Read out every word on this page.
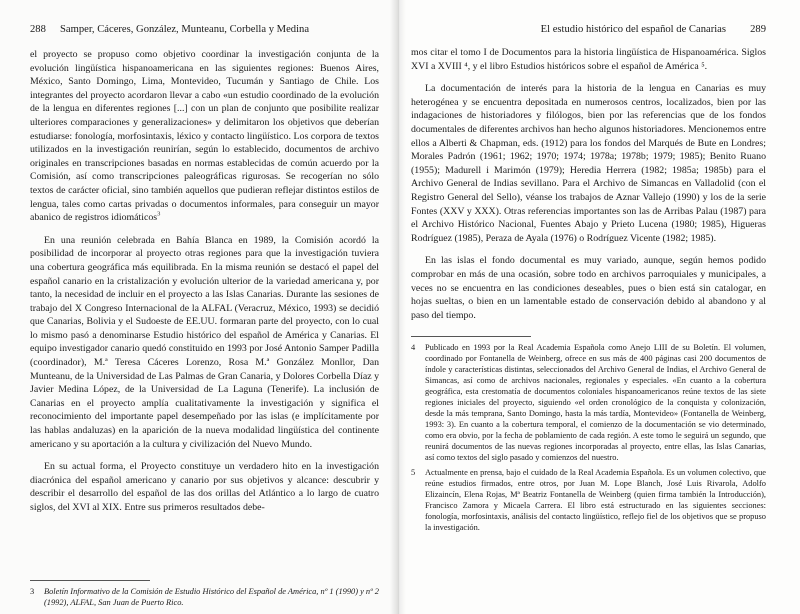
288 Samper, Cáceres, González, Munteanu, Corbella y Medina

el proyecto se propuso como objetivo coordinar la investigación conjunta de la evolución lingüística hispanoamericana en las siguientes regiones: Buenos Aires, México, Santo Domingo, Lima, Montevideo, Tucumán y Santiago de Chile. Los integrantes del proyecto acordaron llevar a cabo «un estudio coordinado de la evolución de la lengua en diferentes regiones [...] con un plan de conjunto que posibilite realizar ulteriores comparaciones y generalizaciones» y delimitaron los objetivos que deberían estudiarse: fonología, morfosintaxis, léxico y contacto lingüístico. Los corpora de textos utilizados en la investigación reunirían, según lo establecido, documentos de archivo originales en transcripciones basadas en normas establecidas de común acuerdo por la Comisión, así como transcripciones paleográficas rigurosas. Se recogerían no sólo textos de carácter oficial, sino también aquellos que pudieran reflejar distintos estilos de lengua, tales como cartas privadas o documentos informales, para conseguir un mayor abanico de registros idiomáticos$^3$

En una reunión celebrada en Bahía Blanca en 1989, la Comisión acordó la posibilidad de incorporar al proyecto otras regiones para que la investigación tuviera una cobertura geográfica más equilibrada. En la misma reunión se destacó el papel del español canario en la cristalización y evolución ulterior de la variedad americana y, por tanto, la necesidad de incluir en el proyecto a las Islas Canarias. Durante las sesiones de trabajo del X Congreso Internacional de la ALFAL (Veracruz, México, 1993) se decidió que Canarias, Bolivia y el Sudoeste de EE.UU. formaran parte del proyecto, con lo cual lo mismo pasó a denominarse Estudio histórico del español de América y Canarias. El equipo investigador canario quedó constituido en 1993 por José Antonio Samper Padilla (coordinador), M.ª Teresa Cáceres Lorenzo, Rosa M.ª González Monllor, Dan Munteanu, de la Universidad de Las Palmas de Gran Canaria, y Dolores Corbella Díaz y Javier Medina López, de la Universidad de La Laguna (Tenerife). La inclusión de Canarias en el proyecto amplía cualitativamente la investigación y significa el reconocimiento del importante papel desempeñado por las islas (e implícitamente por las hablas andaluzas) en la aparición de la nueva modalidad lingüística del continente americano y su aportación a la cultura y civilización del Nuevo Mundo.

En su actual forma, el Proyecto constituye un verdadero hito en la investigación diacrónica del español americano y canario por sus objetivos y alcance: descubrir y describir el desarrollo del español de las dos orillas del Atlántico a lo largo de cuatro siglos, del XVI al XIX. Entre sus primeros resultados debe-

3 Boletín Informativo de la Comisión de Estudio Histórico del Español de América, nº 1 (1990) y nº 2 (1992), ALFAL, San Juan de Puerto Rico.

El estudio histórico del español de Canarias 289

mos citar el tomo I de Documentos para la historia lingüística de Hispanoamérica. Siglos XVI a XVIII ⁴, y el libro Estudios históricos sobre el español de América ⁵.

La documentación de interés para la historia de la lengua en Canarias es muy heterogénea y se encuentra depositada en numerosos centros, localizados, bien por las indagaciones de historiadores y filólogos, bien por las referencias que de los fondos documentales de diferentes archivos han hecho algunos historiadores. Mencionemos entre ellos a Alberti & Chapman, eds. (1912) para los fondos del Marqués de Bute en Londres; Morales Padrón (1961; 1962; 1970; 1974; 1978a; 1978b; 1979; 1985); Benito Ruano (1955); Madurell i Marimón (1979); Heredia Herrera (1982; 1985a; 1985b) para el Archivo General de Indias sevillano. Para el Archivo de Simancas en Valladolid (con el Registro General del Sello), véanse los trabajos de Aznar Vallejo (1990) y los de la serie Fontes (XXV y XXX). Otras referencias importantes son las de Arribas Palau (1987) para el Archivo Histórico Nacional, Fuentes Abajo y Prieto Lucena (1980; 1985), Higueras Rodríguez (1985), Peraza de Ayala (1976) o Rodríguez Vicente (1982; 1985).

En las islas el fondo documental es muy variado, aunque, según hemos podido comprobar en más de una ocasión, sobre todo en archivos parroquiales y municipales, a veces no se encuentra en las condiciones deseables, pues o bien está sin catalogar, en hojas sueltas, o bien en un lamentable estado de conservación debido al abandono y al paso del tiempo.

4 Publicado en 1993 por la Real Academia Española como Anejo LIII de su Boletín. El volumen, coordinado por Fontanella de Weinberg, ofrece en sus más de 400 páginas casi 200 documentos de índole y características distintas, seleccionados del Archivo General de Indias, el Archivo General de Simancas, así como de archivos nacionales, regionales y especiales. «En cuanto a la cobertura geográfica, esta crestomatía de documentos coloniales hispanoamericanos reúne textos de las siete regiones iniciales del proyecto, siguiendo «el orden cronológico de la conquista y colonización, desde la más temprana, Santo Domingo, hasta la más tardía, Montevideo» (Fontanella de Weinberg, 1993: 3). En cuanto a la cobertura temporal, el comienzo de la documentación se vio determinado, como era obvio, por la fecha de poblamiento de cada región. A este tomo le seguirá un segundo, que reunirá documentos de las nuevas regiones incorporadas al proyecto, entre ellas, las Islas Canarias, así como textos del siglo pasado y comienzos del nuestro.

5 Actualmente en prensa, bajo el cuidado de la Real Academia Española. Es un volumen colectivo, que reúne estudios firmados, entre otros, por Juan M. Lope Blanch, José Luis Rivarola, Adolfo Elizaincín, Elena Rojas, Mª Beatriz Fontanella de Weinberg (quien firma también la Introducción), Francisco Zamora y Micaela Carrera. El libro está estructurado en las siguientes secciones: fonología, morfosintaxis, análisis del contacto lingüístico, reflejo fiel de los objetivos que se propuso la investigación.
